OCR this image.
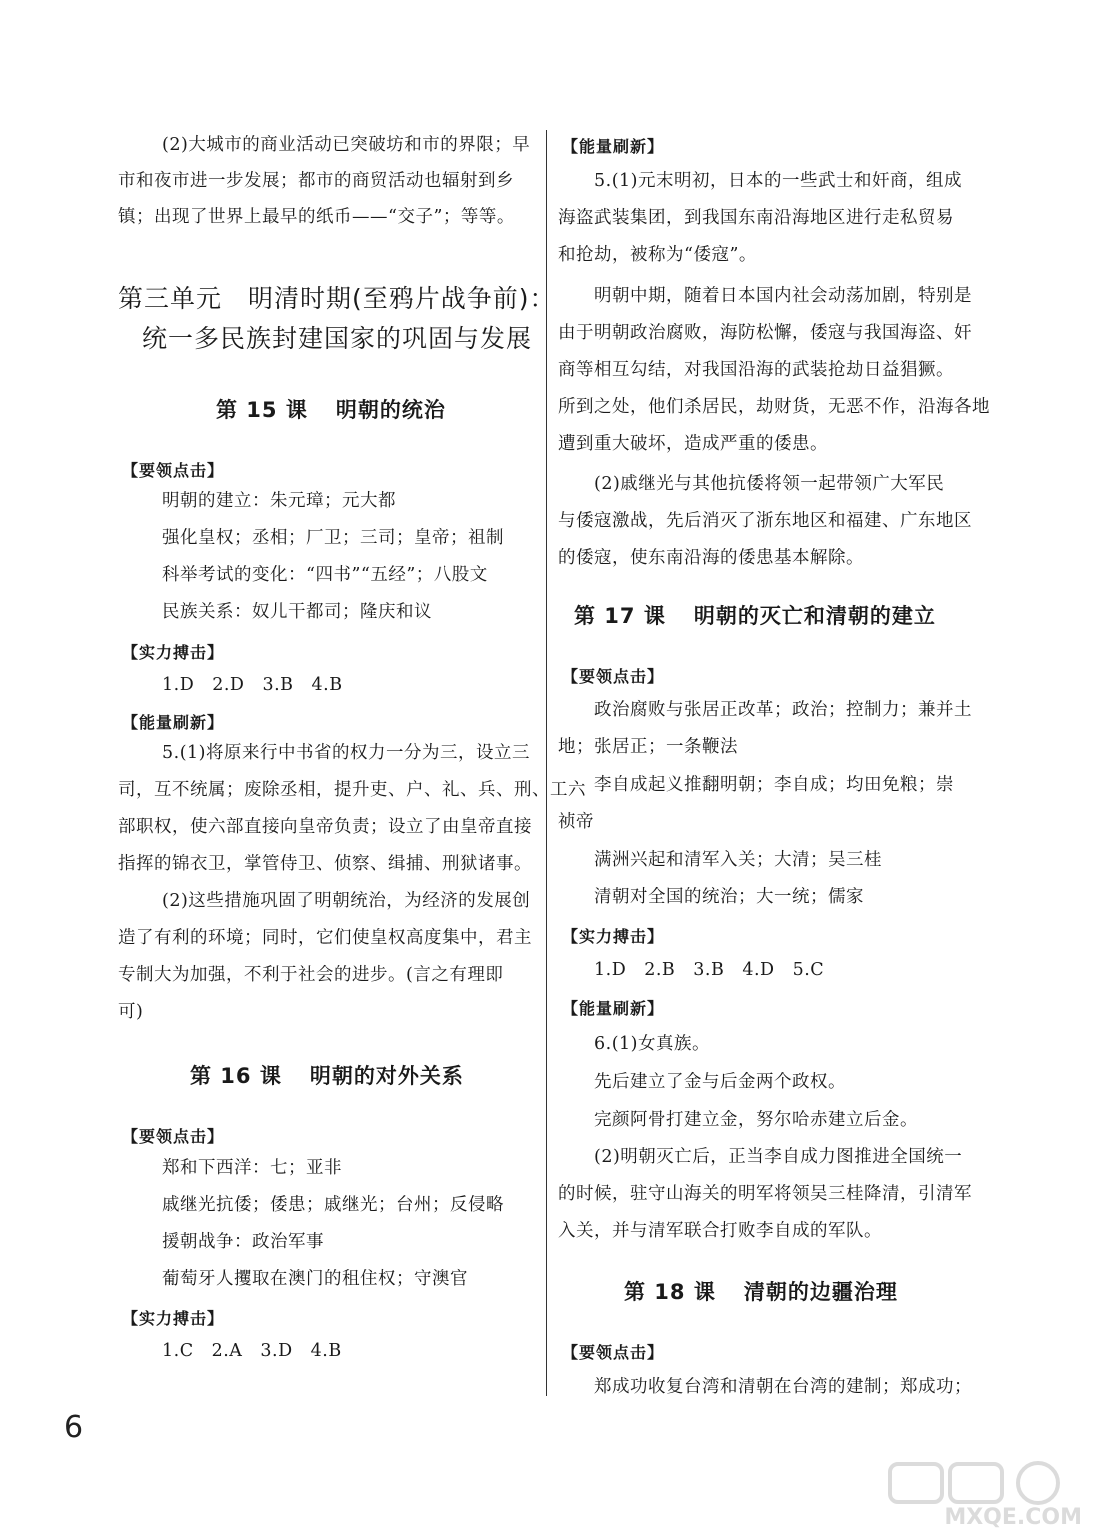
(2)大城市的商业活动已突破坊和市的界限；早
市和夜市进一步发展；都市的商贸活动也辐射到乡
镇；出现了世界上最早的纸币——“交子”；等等。
第三单元　明清时期(至鸦片战争前)：
统一多民族封建国家的巩固与发展
第 15 课 明朝的统治
【要领点击】
明朝的建立：朱元璋；元大都
强化皇权；丞相；厂卫；三司；皇帝；祖制
科举考试的变化：“四书”“五经”；八股文
民族关系：奴儿干都司；隆庆和议
【实力搏击】
1.D　2.D　3.B　4.B
【能量刷新】
5.(1)将原来行中书省的权力一分为三，设立三
司，互不统属；废除丞相，提升吏、户、礼、兵、刑、工六
部职权，使六部直接向皇帝负责；设立了由皇帝直接
指挥的锦衣卫，掌管侍卫、侦察、缉捕、刑狱诸事。
(2)这些措施巩固了明朝统治，为经济的发展创
造了有利的环境；同时，它们使皇权高度集中，君主
专制大为加强，不利于社会的进步。(言之有理即
可)
第 16 课 明朝的对外关系
【要领点击】
郑和下西洋：七；亚非
戚继光抗倭；倭患；戚继光；台州；反侵略
援朝战争：政治军事
葡萄牙人攫取在澳门的租住权；守澳官
【实力搏击】
1.C　2.A　3.D　4.B
【能量刷新】
5.(1)元末明初，日本的一些武士和奸商，组成
海盗武装集团，到我国东南沿海地区进行走私贸易
和抢劫，被称为“倭寇”。
明朝中期，随着日本国内社会动荡加剧，特别是
由于明朝政治腐败，海防松懈，倭寇与我国海盗、奸
商等相互勾结，对我国沿海的武装抢劫日益猖獗。
所到之处，他们杀居民，劫财货，无恶不作，沿海各地
遭到重大破坏，造成严重的倭患。
(2)戚继光与其他抗倭将领一起带领广大军民
与倭寇激战，先后消灭了浙东地区和福建、广东地区
的倭寇，使东南沿海的倭患基本解除。
第 17 课 明朝的灭亡和清朝的建立
【要领点击】
政治腐败与张居正改革；政治；控制力；兼并土
地；张居正；一条鞭法
李自成起义推翻明朝；李自成；均田免粮；崇
祯帝
满洲兴起和清军入关；大清；吴三桂
清朝对全国的统治；大一统；儒家
【实力搏击】
1.D　2.B　3.B　4.D　5.C
【能量刷新】
6.(1)女真族。
先后建立了金与后金两个政权。
完颜阿骨打建立金，努尔哈赤建立后金。
(2)明朝灭亡后，正当李自成力图推进全国统一
的时候，驻守山海关的明军将领吴三桂降清，引清军
入关，并与清军联合打败李自成的军队。
第 18 课 清朝的边疆治理
【要领点击】
郑成功收复台湾和清朝在台湾的建制；郑成功；
6
MXQE.COM
